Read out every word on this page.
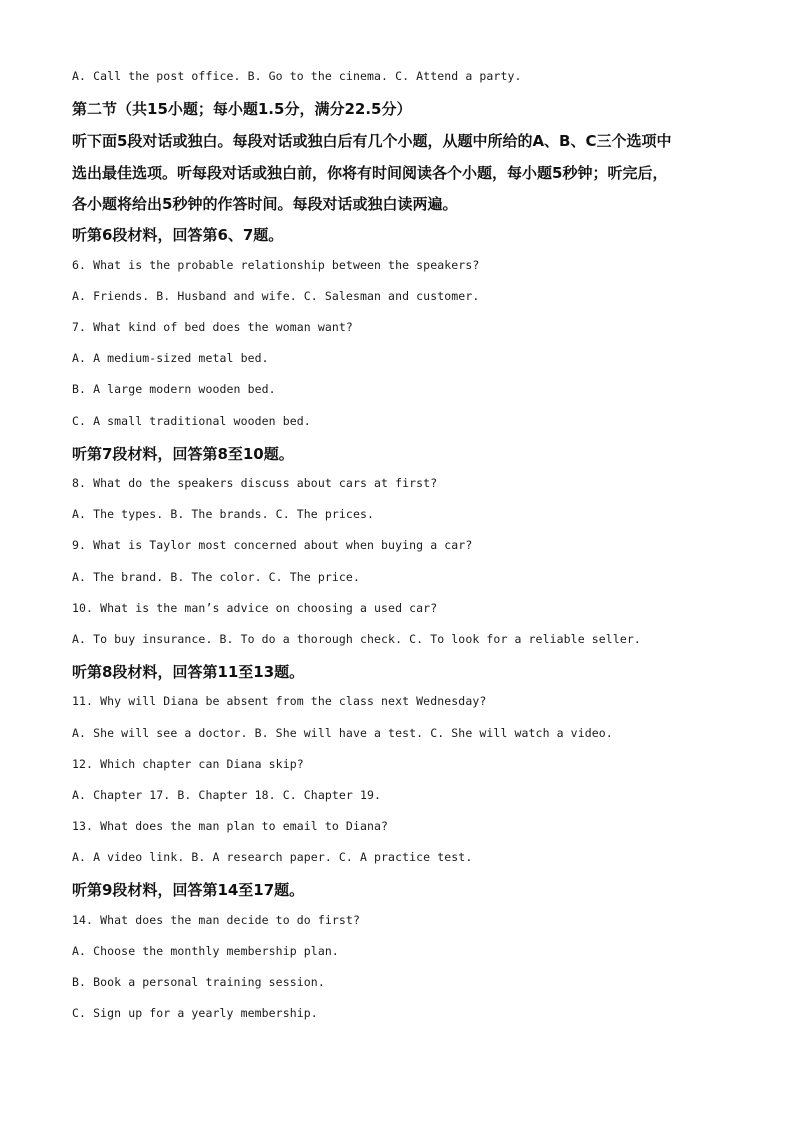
A. Call the post office. B. Go to the cinema. C. Attend a party.
第二节（共15小题；每小题1.5分，满分22.5分）
听下面5段对话或独白。每段对话或独白后有几个小题，从题中所给的A、B、C三个选项中
选出最佳选项。听每段对话或独白前，你将有时间阅读各个小题，每小题5秒钟；听完后，
各小题将给出5秒钟的作答时间。每段对话或独白读两遍。
听第6段材料，回答第6、7题。
6. What is the probable relationship between the speakers?
A. Friends. B. Husband and wife. C. Salesman and customer.
7. What kind of bed does the woman want?
A. A medium-sized metal bed.
B. A large modern wooden bed.
C. A small traditional wooden bed.
听第7段材料，回答第8至10题。
8. What do the speakers discuss about cars at first?
A. The types. B. The brands. C. The prices.
9. What is Taylor most concerned about when buying a car?
A. The brand. B. The color. C. The price.
10. What is the man’s advice on choosing a used car?
A. To buy insurance. B. To do a thorough check. C. To look for a reliable seller.
听第8段材料，回答第11至13题。
11. Why will Diana be absent from the class next Wednesday?
A. She will see a doctor. B. She will have a test. C. She will watch a video.
12. Which chapter can Diana skip?
A. Chapter 17. B. Chapter 18. C. Chapter 19.
13. What does the man plan to email to Diana?
A. A video link. B. A research paper. C. A practice test.
听第9段材料，回答第14至17题。
14. What does the man decide to do first?
A. Choose the monthly membership plan.
B. Book a personal training session.
C. Sign up for a yearly membership.
